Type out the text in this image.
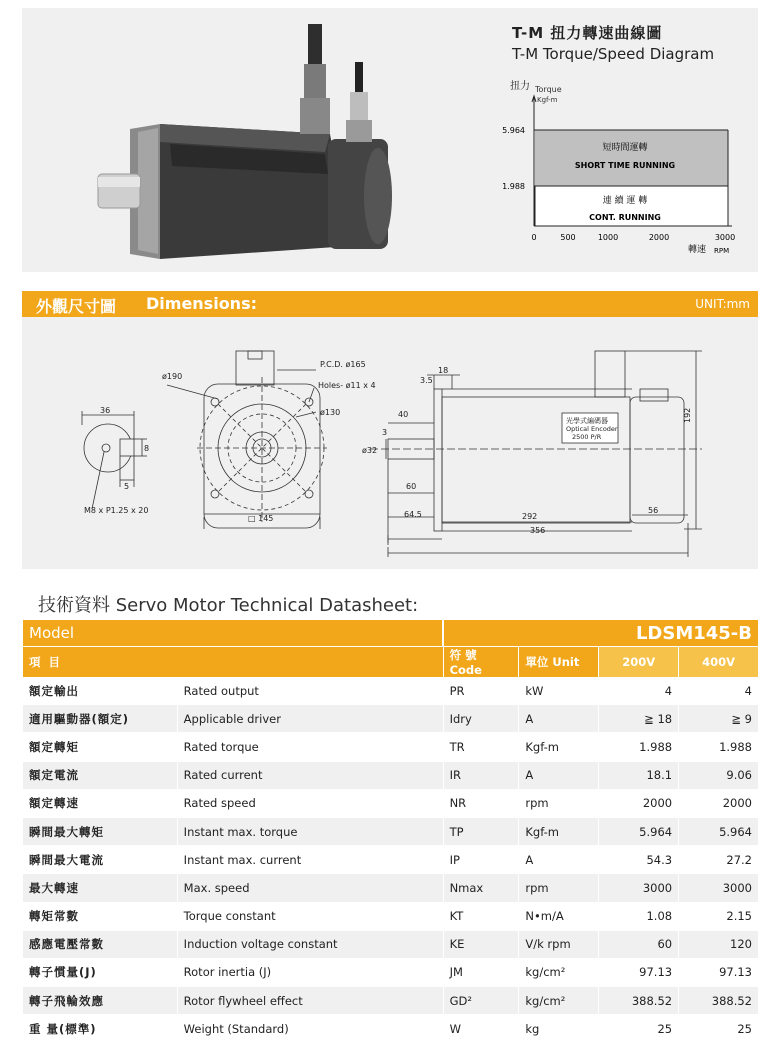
T-M 扭力轉速曲線圖
T-M Torque/Speed Diagram
扭力 Torque
Kgf-m
5.964
1.988
短時間運轉
SHORT TIME RUNNING
連 續 運 轉
CONT. RUNNING
0	500	1000	2000	3000
轉速 RPM
外觀尺寸圖 Dimensions:	UNIT:mm
36
8
5
M8 x P1.25 x 20
ø190
P.C.D. ø165
Holes- ø11 x 4
ø130
□ 145
18
3.5
40
3
ø32
60
64.5	292
356
56
192
光學式編碼器
Optical Encoder
2500 P/R
技術資料 Servo Motor Technical Datasheet:
Model		LDSM145-B			
項 目		符 號 Code	單位 Unit	200V	400V
額定輸出	Rated output	PR	kW	4	4
適用驅動器(額定)	Applicable driver	Idry	A	≧ 18	≧ 9
額定轉矩	Rated torque	TR	Kgf-m	1.988	1.988
額定電流	Rated current	IR	A	18.1	9.06
額定轉速	Rated speed	NR	rpm	2000	2000
瞬間最大轉矩	Instant max. torque	TP	Kgf-m	5.964	5.964
瞬間最大電流	Instant max. current	IP	A	54.3	27.2
最大轉速	Max. speed	Nmax	rpm	3000	3000
轉矩常數	Torque constant	KT	N•m/A	1.08	2.15
感應電壓常數	Induction voltage constant	KE	V/k rpm	60	120
轉子慣量(J)	Rotor inertia (J)	JM	kg/cm²	97.13	97.13
轉子飛輪效應	Rotor flywheel effect	GD²	kg/cm²	388.52	388.52
重 量(標準)	Weight (Standard)	W	kg	25	25
